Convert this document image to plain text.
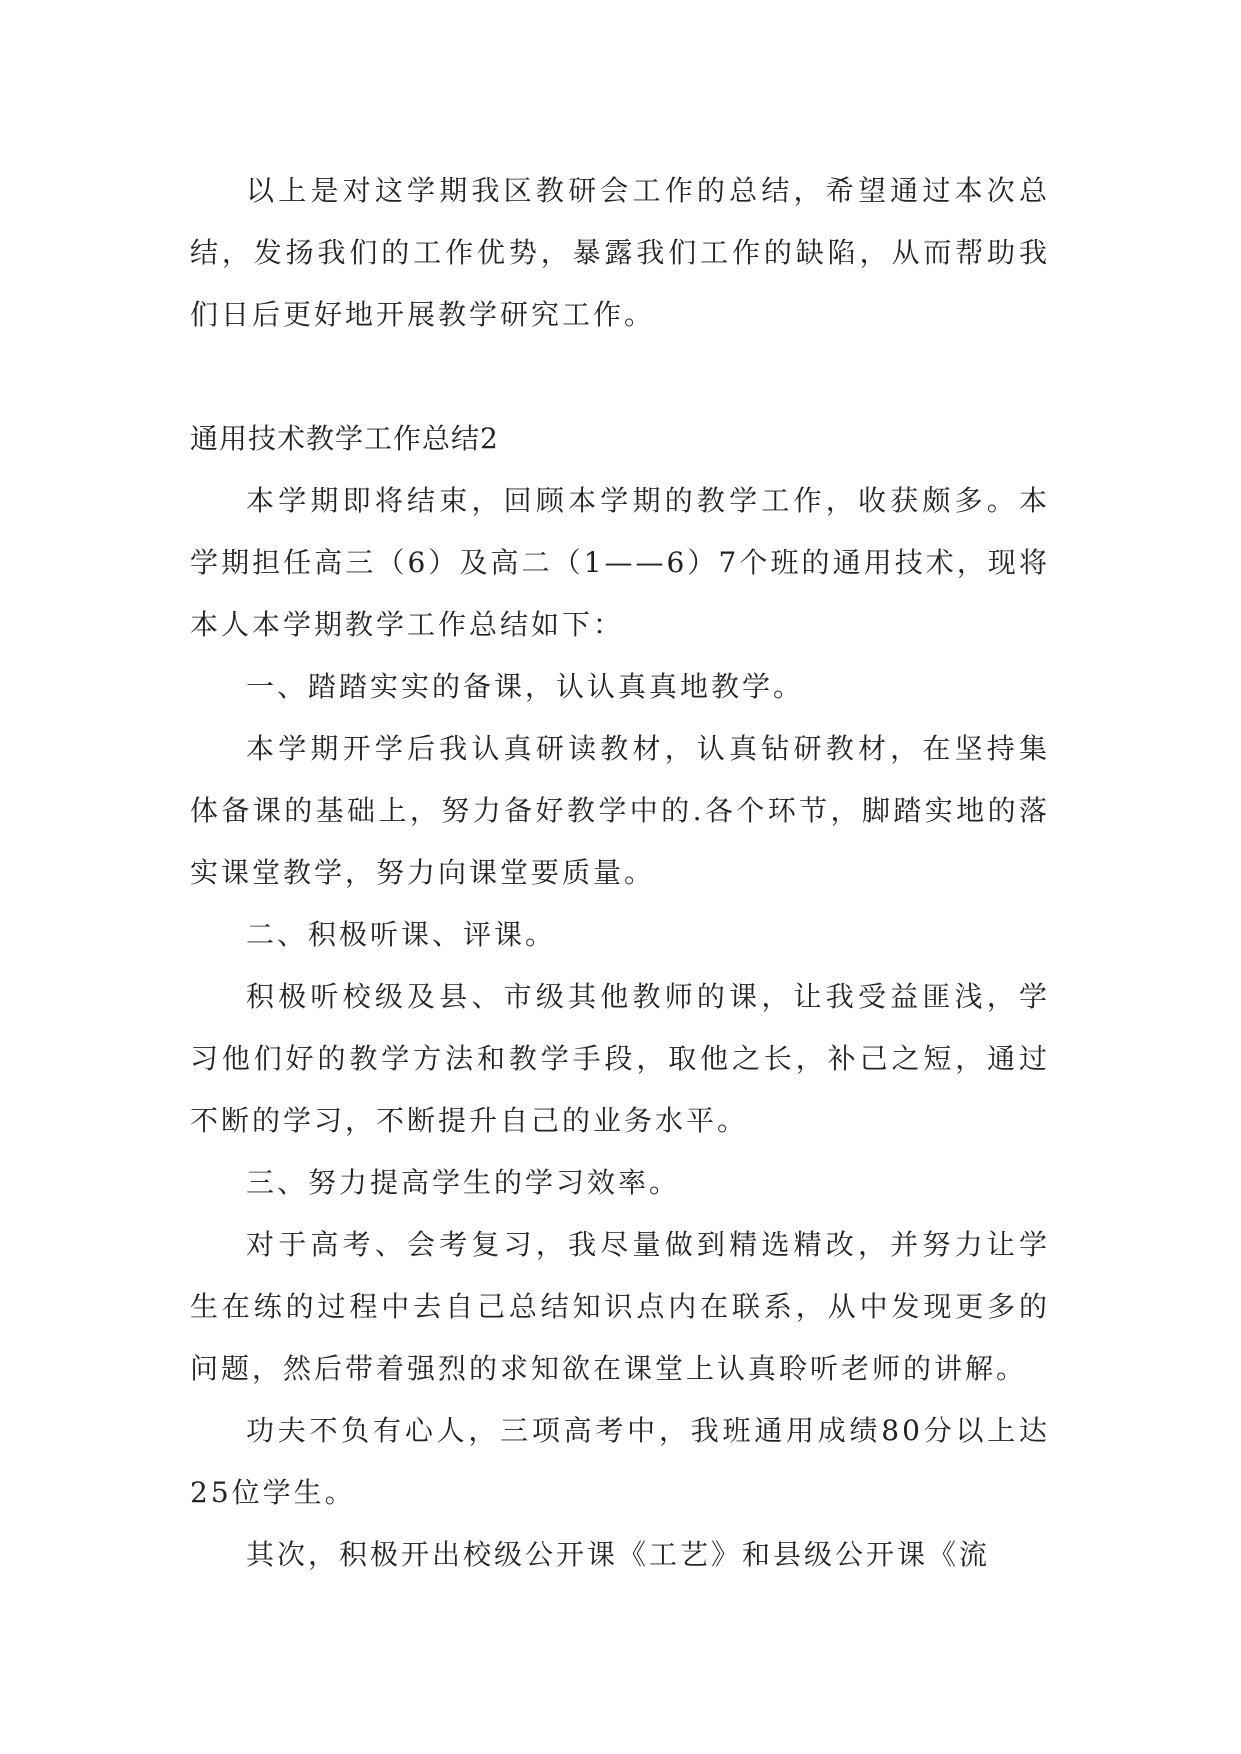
以上是对这学期我区教研会工作的总结，希望通过本次总结，发扬我们的工作优势，暴露我们工作的缺陷，从而帮助我们日后更好地开展教学研究工作。

通用技术教学工作总结2

本学期即将结束，回顾本学期的教学工作，收获颇多。本学期担任高三（6）及高二（1——6）7个班的通用技术，现将本人本学期教学工作总结如下：

一、踏踏实实的备课，认认真真地教学。

本学期开学后我认真研读教材，认真钻研教材，在坚持集体备课的基础上，努力备好教学中的.各个环节，脚踏实地的落实课堂教学，努力向课堂要质量。

二、积极听课、评课。

积极听校级及县、市级其他教师的课，让我受益匪浅，学习他们好的教学方法和教学手段，取他之长，补己之短，通过不断的学习，不断提升自己的业务水平。

三、努力提高学生的学习效率。

对于高考、会考复习，我尽量做到精选精改，并努力让学生在练的过程中去自己总结知识点内在联系，从中发现更多的问题，然后带着强烈的求知欲在课堂上认真聆听老师的讲解。

功夫不负有心人，三项高考中，我班通用成绩80分以上达25位学生。

其次，积极开出校级公开课《工艺》和县级公开课《流
